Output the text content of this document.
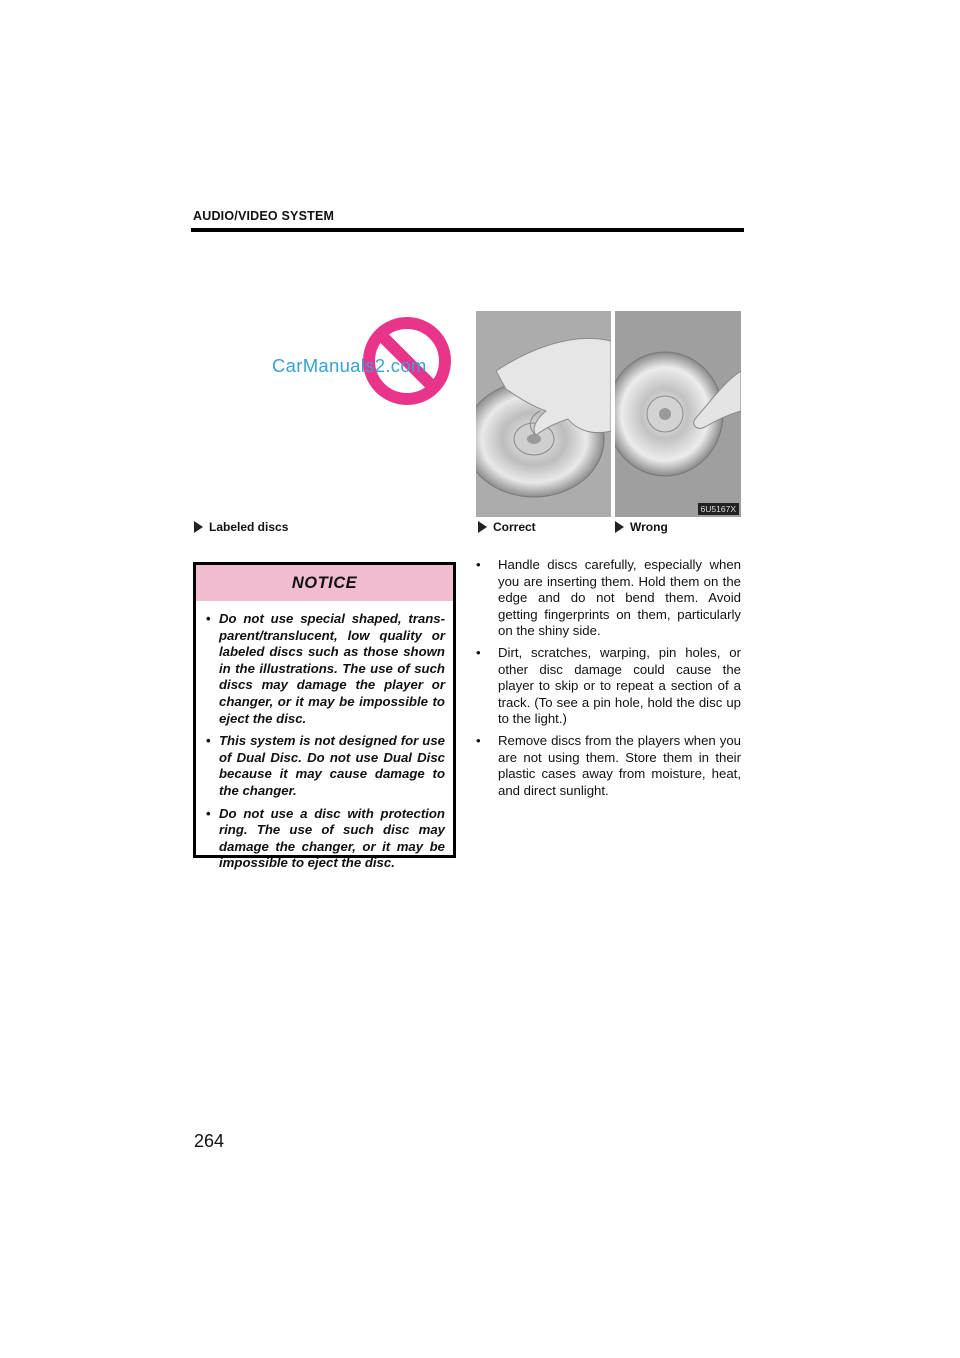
AUDIO/VIDEO SYSTEM
CarManuals2.com
6U5167X
Labeled discs	Correct	Wrong
NOTICE
• Do not use special shaped, transparent/translucent, low quality or labeled discs such as those shown in the illustrations. The use of such discs may damage the player or changer, or it may be impossible to eject the disc.
• This system is not designed for use of Dual Disc. Do not use Dual Disc because it may cause damage to the changer.
• Do not use a disc with protection ring. The use of such disc may damage the changer, or it may be impossible to eject the disc.
• Handle discs carefully, especially when you are inserting them. Hold them on the edge and do not bend them. Avoid getting fingerprints on them, particularly on the shiny side.
• Dirt, scratches, warping, pin holes, or other disc damage could cause the player to skip or to repeat a section of a track. (To see a pin hole, hold the disc up to the light.)
• Remove discs from the players when you are not using them. Store them in their plastic cases away from moisture, heat, and direct sunlight.
264
